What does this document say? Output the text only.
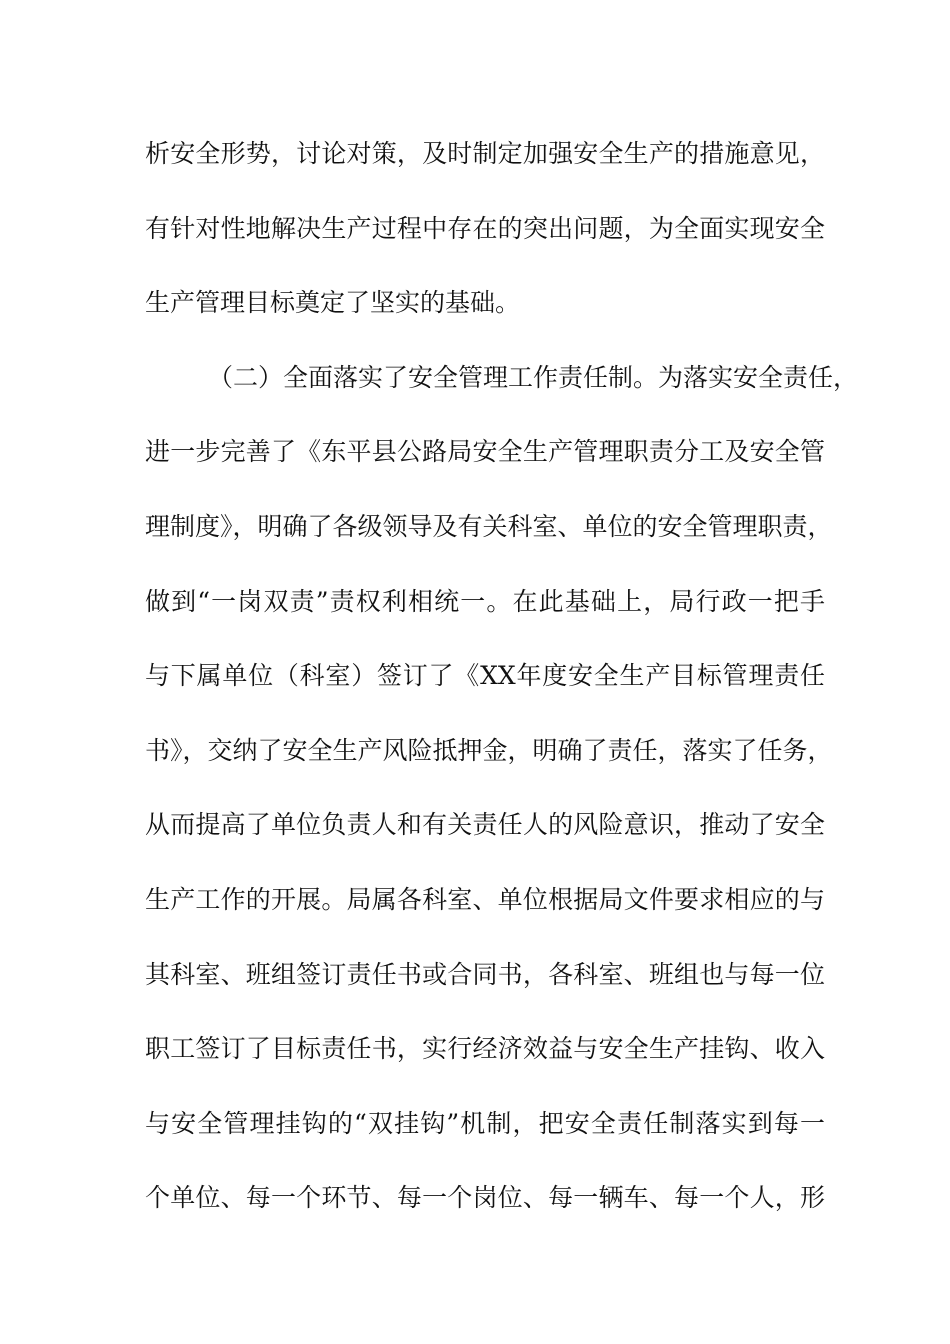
析安全形势，讨论对策，及时制定加强安全生产的措施意见，
有针对性地解决生产过程中存在的突出问题，为全面实现安全
生产管理目标奠定了坚实的基础。
（二）全面落实了安全管理工作责任制。为落实安全责任，
进一步完善了《东平县公路局安全生产管理职责分工及安全管
理制度》，明确了各级领导及有关科室、单位的安全管理职责，
做到“一岗双责”责权利相统一。在此基础上，局行政一把手
与下属单位（科室）签订了《XX年度安全生产目标管理责任
书》，交纳了安全生产风险抵押金，明确了责任，落实了任务，
从而提高了单位负责人和有关责任人的风险意识，推动了安全
生产工作的开展。局属各科室、单位根据局文件要求相应的与
其科室、班组签订责任书或合同书，各科室、班组也与每一位
职工签订了目标责任书，实行经济效益与安全生产挂钩、收入
与安全管理挂钩的“双挂钩”机制，把安全责任制落实到每一
个单位、每一个环节、每一个岗位、每一辆车、每一个人，形
